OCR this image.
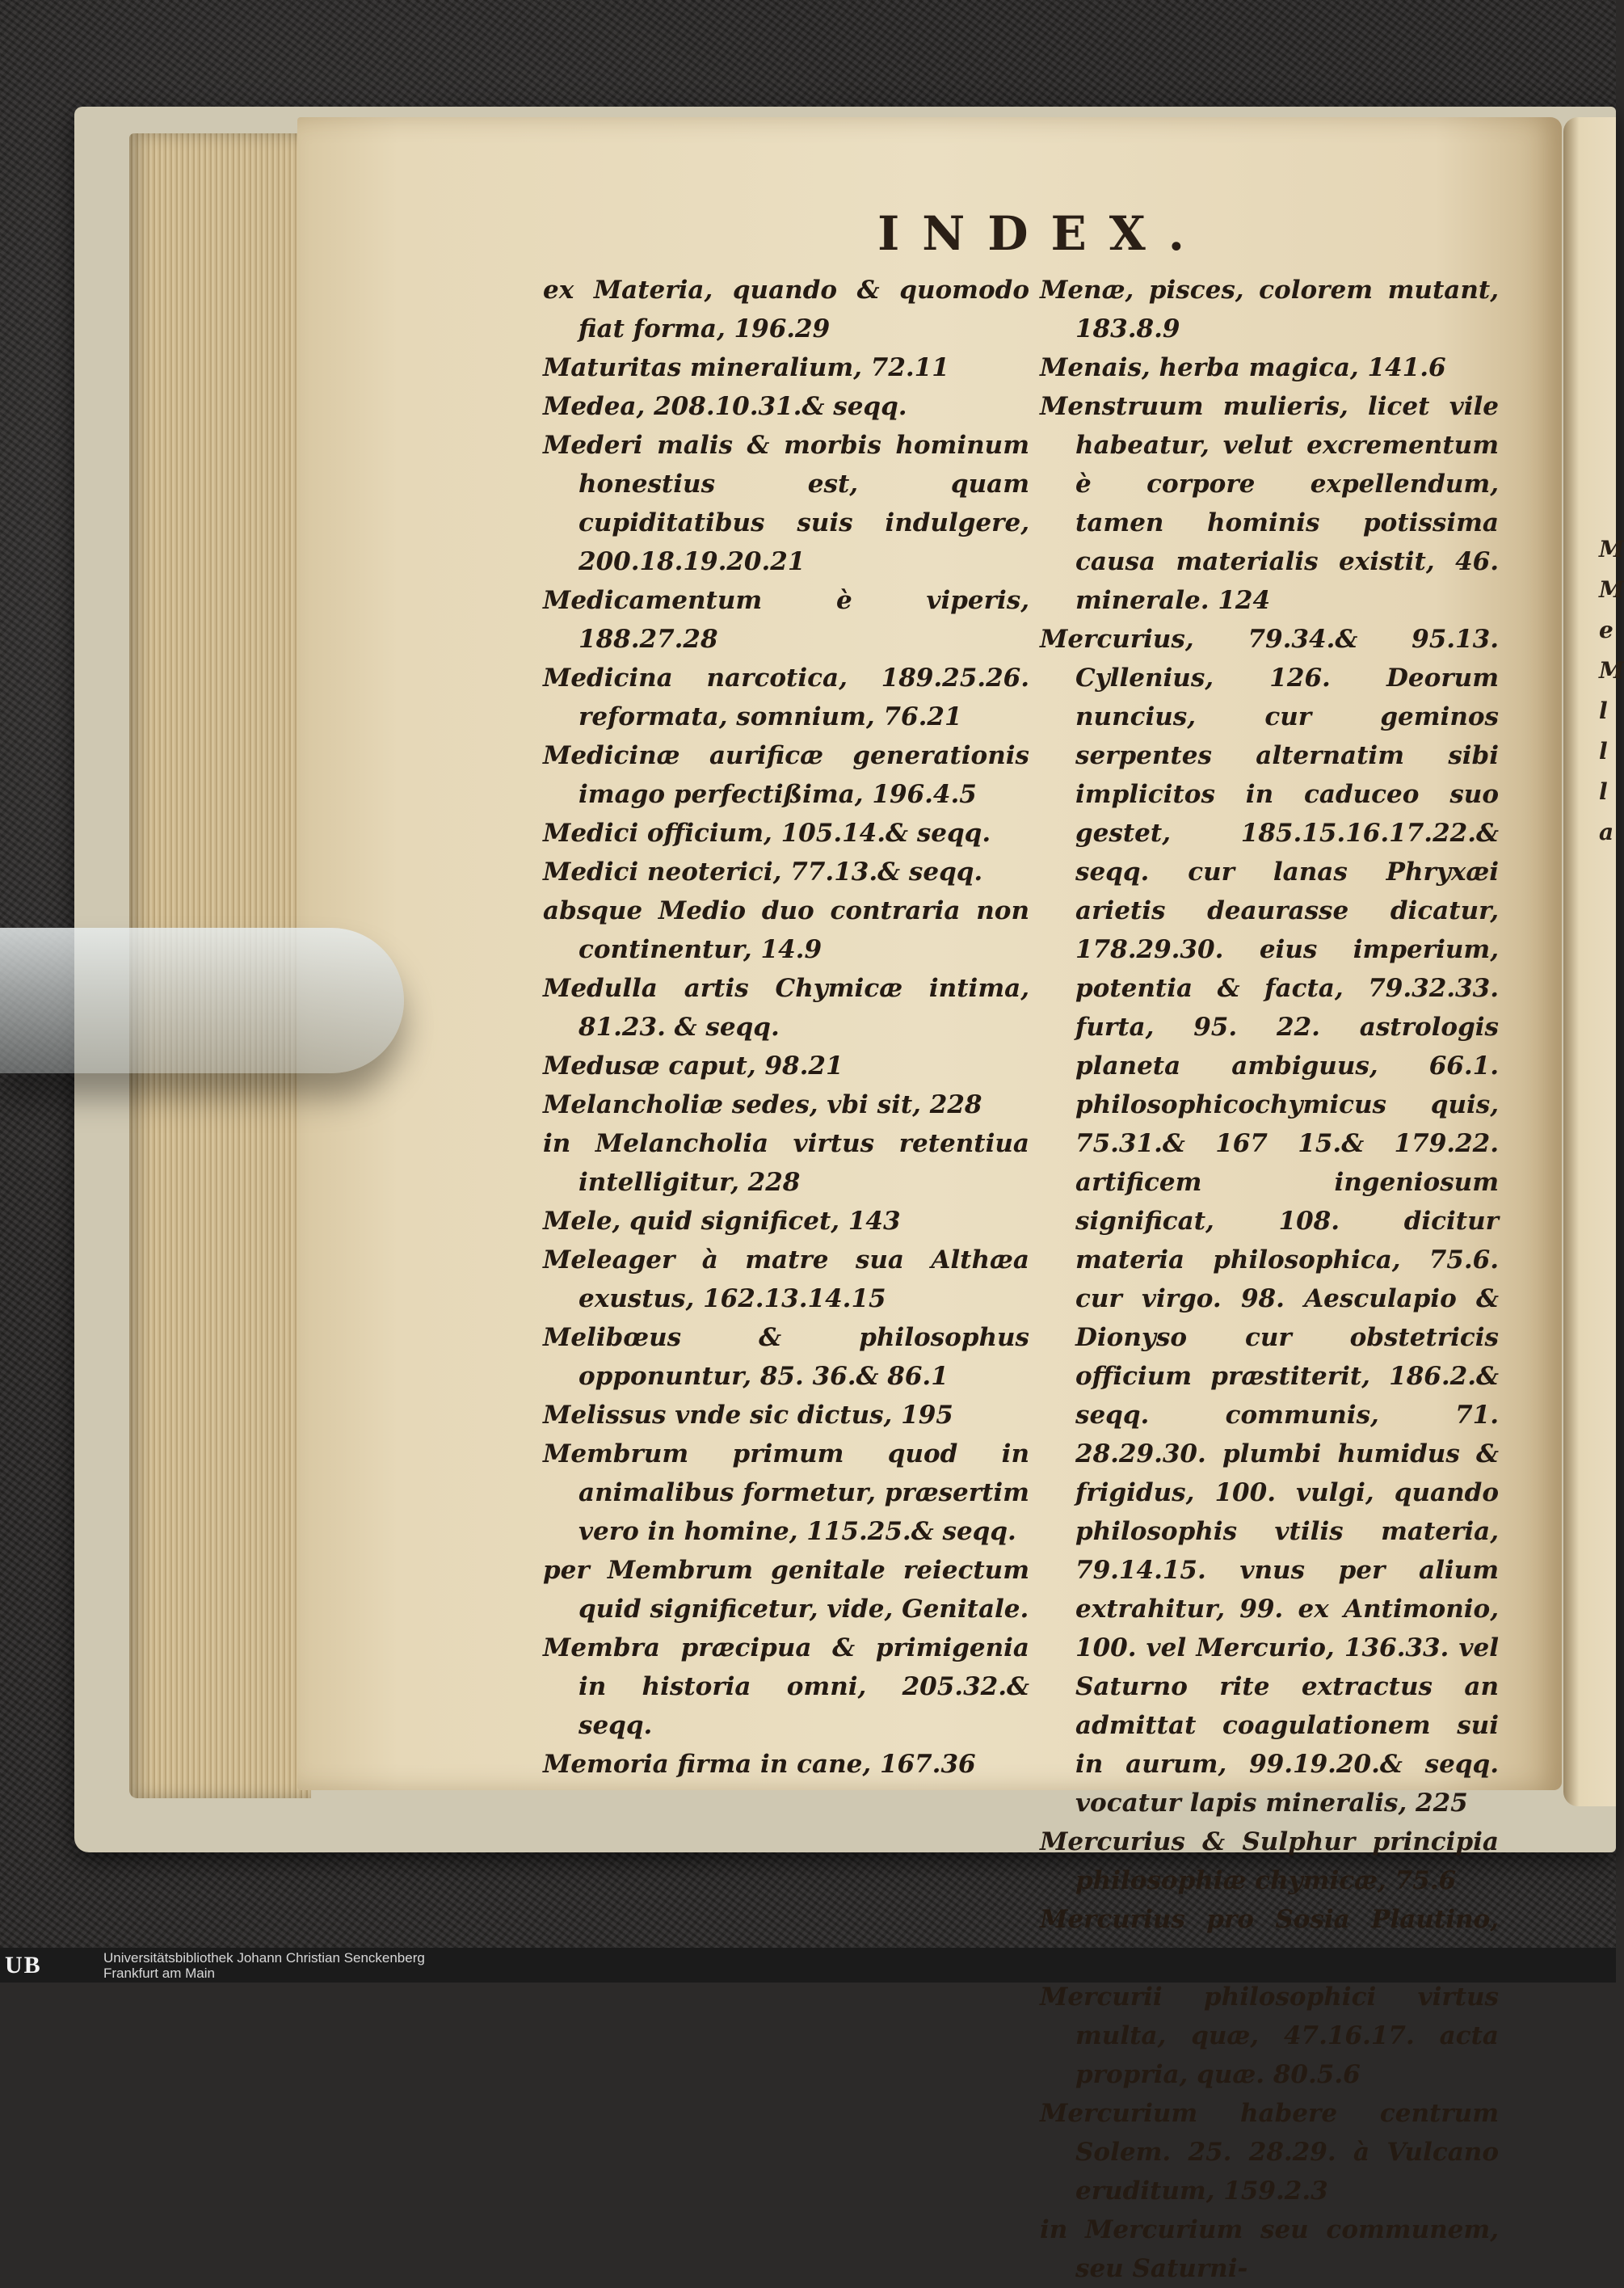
M
M
e
M
l
l
l
a
INDEX.

ex Materia, quando & quomodo fiat forma, 196.29

Maturitas mineralium, 72.11

Medea, 208.10.31.& seqq.

Mederi malis & morbis hominum honestius est, quam cupiditatibus suis indulgere, 200.18.19.20.21

Medicamentum è viperis, 188.27.28

Medicina narcotica, 189.25.26. reformata, somnium, 76.21

Medicinæ aurificæ generationis imago perfectißima, 196.4.5

Medici officium, 105.14.& seqq.

Medici neoterici, 77.13.& seqq.

absque Medio duo contraria non continentur, 14.9

Medulla artis Chymicæ intima, 81.23. & seqq.

Medusæ caput, 98.21

Melancholiæ sedes, vbi sit, 228

in Melancholia virtus retentiua intelligitur, 228

Mele, quid significet, 143

Meleager à matre sua Althæa exustus, 162.13.14.15

Melibœus & philosophus opponuntur, 85. 36.& 86.1

Melissus vnde sic dictus, 195

Membrum primum quod in animalibus formetur, præsertim vero in homine, 115.25.& seqq.

per Membrum genitale reiectum quid significetur, vide, Genitale.

Membra præcipua & primigenia in historia omni, 205.32.& seqq.

Memoria firma in cane, 167.36

Menæ, pisces, colorem mutant, 183.8.9

Menais, herba magica, 141.6

Menstruum mulieris, licet vile habeatur, velut excrementum è corpore expellendum, tamen hominis potissima causa materialis existit, 46. minerale. 124

Mercurius, 79.34.& 95.13. Cyllenius, 126. Deorum nuncius, cur geminos serpentes alternatim sibi implicitos in caduceo suo gestet, 185.15.16.17.22.& seqq. cur lanas Phryxæi arietis deaurasse dicatur, 178.29.30. eius imperium, potentia & facta, 79.32.33. furta, 95. 22. astrologis planeta ambiguus, 66.1. philosophicochymicus quis, 75.31.& 167 15.& 179.22. artificem ingeniosum significat, 108. dicitur materia philosophica, 75.6. cur virgo. 98. Aesculapio & Dionyso cur obstetricis officium præstiterit, 186.2.& seqq. communis, 71. 28.29.30. plumbi humidus & frigidus, 100. vulgi, quando philosophis vtilis materia, 79.14.15. vnus per alium extrahitur, 99. ex Antimonio, 100. vel Mercurio, 136.33. vel Saturno rite extractus an admittat coagulationem sui in aurum, 99.19.20.& seqq. vocatur lapis mineralis, 225

Mercurius & Sulphur principia philosophiæ chymicæ, 75.6

Mercurius pro Sosia Plautino,

Mercurii philosophici virtus multa, quæ, 47.16.17. acta propria, quæ. 80.5.6

Mercurium habere centrum Solem. 25. 28.29. à Vulcano eruditum, 159.2.3

in Mercurium seu communem, seu Saturni-

UB	Universitätsbibliothek Johann Christian Senckenberg
Frankfurt am Main
